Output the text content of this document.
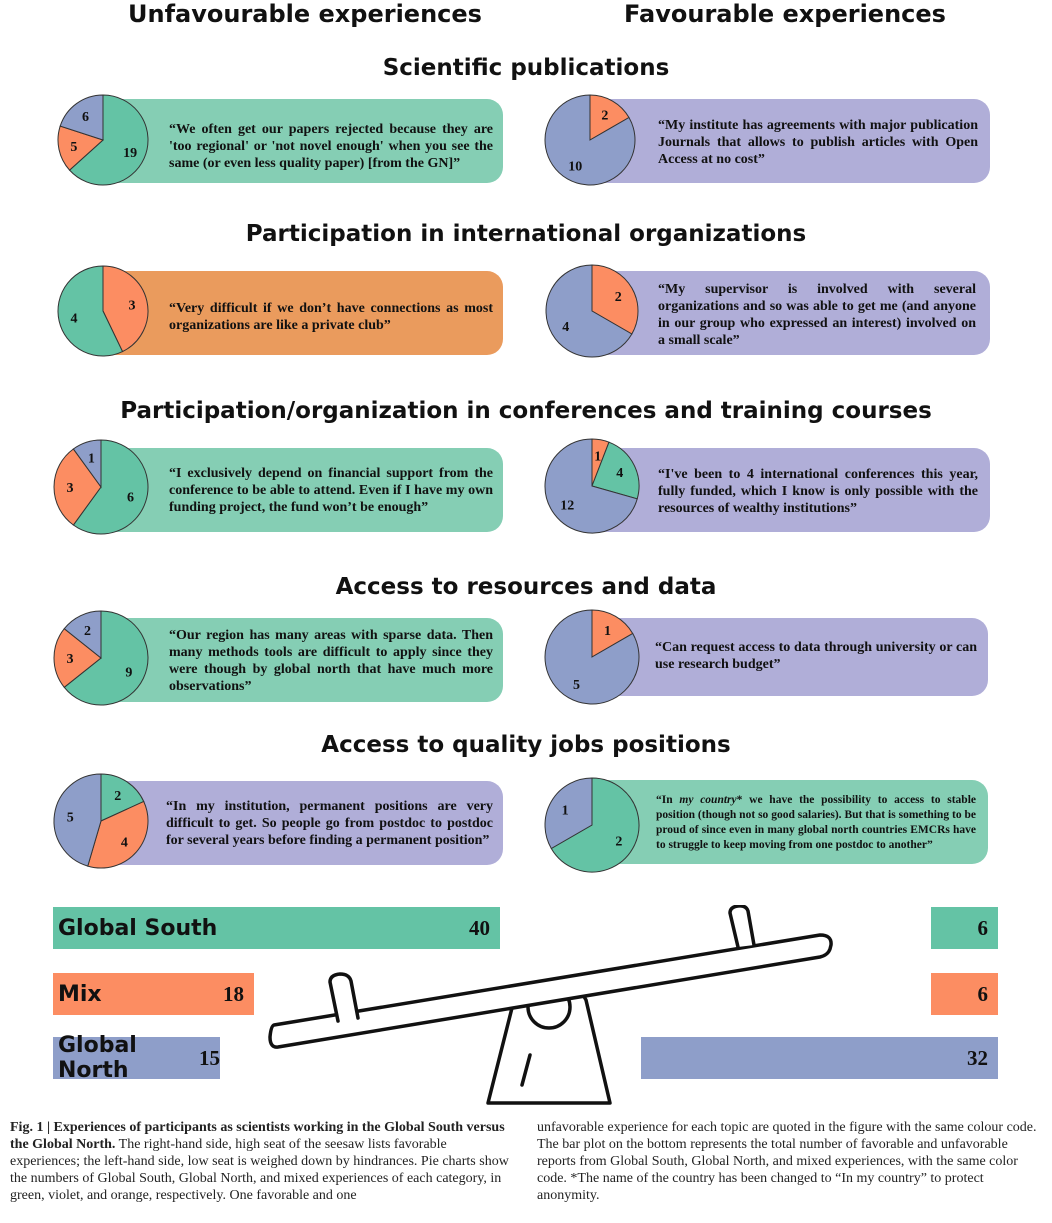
Unfavourable experiences	Favourable experiences
Scientific publications
“We often get our papers rejected because they are 'too regional' or 'not novel enough' when you see the same (or even less quality paper) [from the GN]”
19
5
6
“My institute has agreements with major publication Journals that allows to publish articles with Open Access at no cost”
2
10
Participation in international organizations
“Very difficult if we don’t have connections as most organizations are like a private club”
3
4
“My supervisor is involved with several organizations and so was able to get me (and anyone in our group who expressed an interest) involved on a small scale”
2
4
Participation/organization in conferences and training courses
“I exclusively depend on financial support from the conference to be able to attend. Even if I have my own funding project, the fund won’t be enough”
6
3
1
“I've been to 4 international conferences this year, fully funded, which I know is only possible with the resources of wealthy institutions”
1
4
12
Access to resources and data
“Our region has many areas with sparse data. Then many methods tools are difficult to apply since they were though by global north that have much more observations”
9
3
2
“Can request access to data through university or can use research budget”
1
5
Access to quality jobs positions
“In my institution, permanent positions are very difficult to get. So people go from postdoc to postdoc for several years before finding a permanent position”
2
4
5
“In my country* we have the possibility to access to stable position (though not so good salaries). But that is something to be proud of since even in many global north countries EMCRs have to struggle to keep moving from one postdoc to another”
2
1
Global South	40
Mix	18
Global North
15
6
6
32
Fig. 1 | Experiences of participants as scientists working in the Global South versus the Global North. The right-hand side, high seat of the seesaw lists favorable experiences; the left-hand side, low seat is weighed down by hindrances. Pie charts show the numbers of Global South, Global North, and mixed experiences of each category, in green, violet, and orange, respectively. One favorable and one
unfavorable experience for each topic are quoted in the figure with the same colour code. The bar plot on the bottom represents the total number of favorable and unfavorable reports from Global South, Global North, and mixed experiences, with the same color code. *The name of the country has been changed to “In my country” to protect anonymity.
